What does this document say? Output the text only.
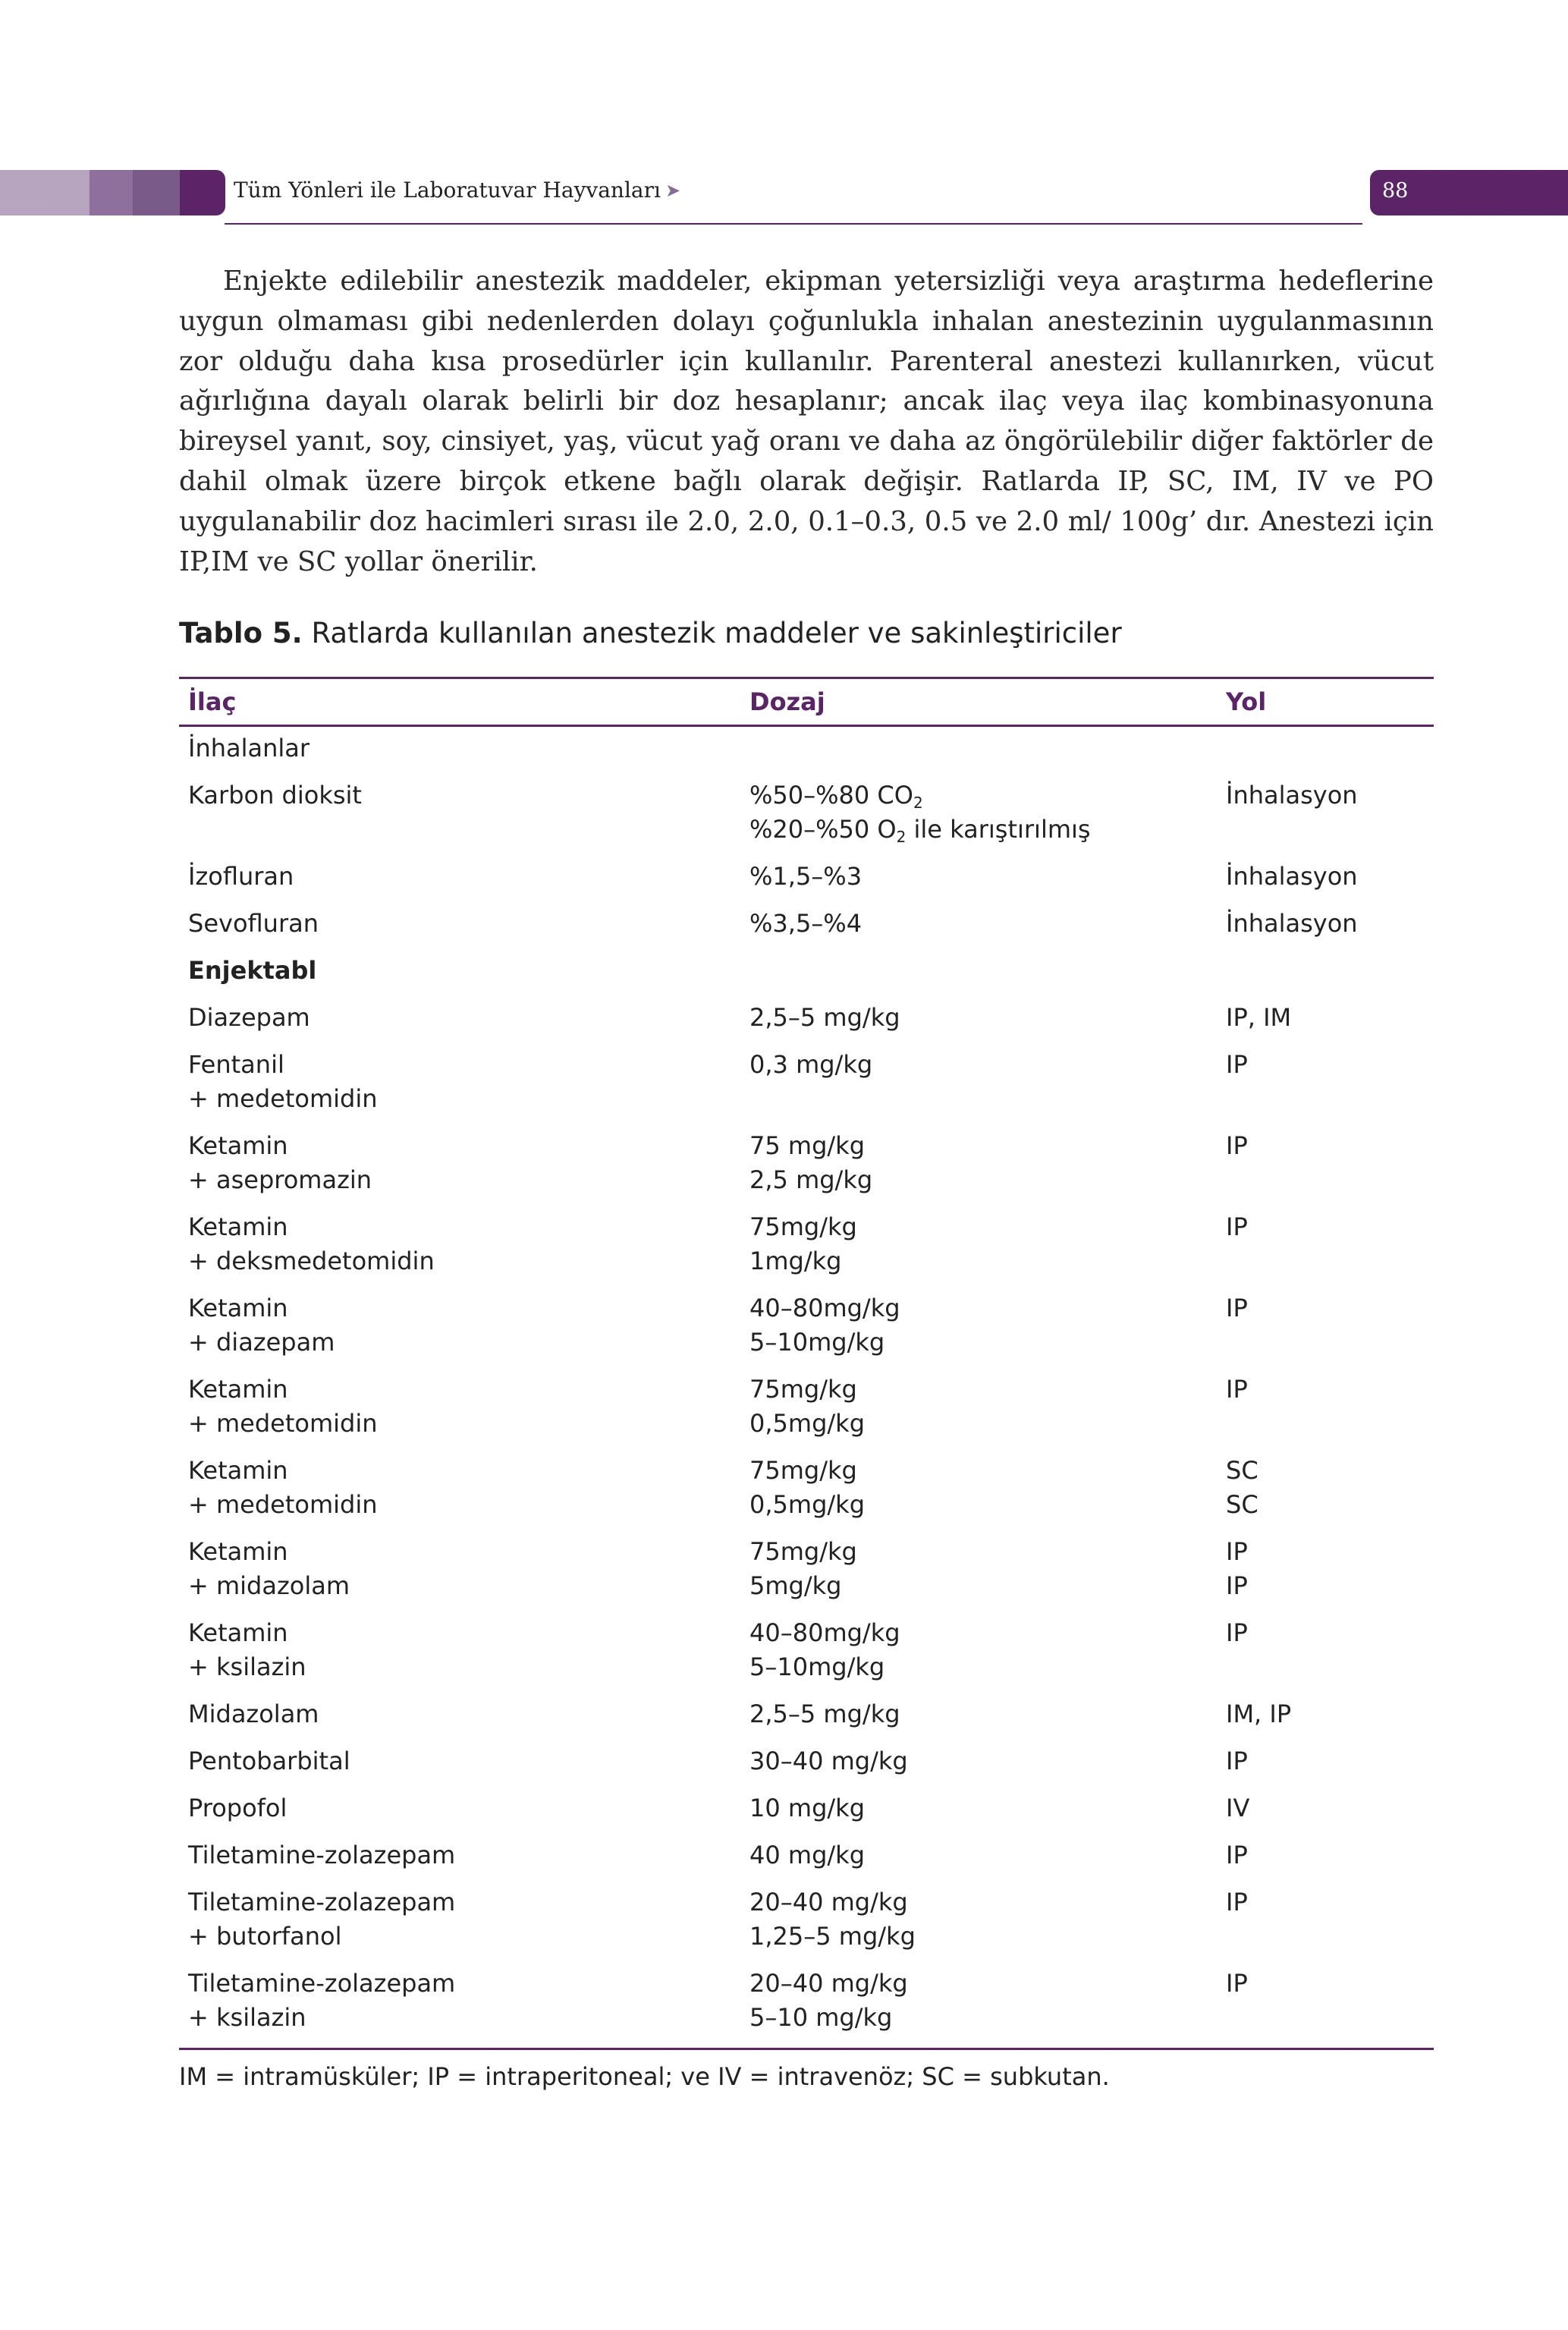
Tüm Yönleri ile Laboratuvar Hayvanları ➤	88

Enjekte edilebilir anestezik maddeler, ekipman yetersizliği veya araştırma hedeflerine uygun olmaması gibi nedenlerden dolayı çoğunlukla inhalan anestezinin uygulanmasının zor olduğu daha kısa prosedürler için kullanılır. Parenteral anestezi kullanırken, vücut ağırlığına dayalı olarak belirli bir doz hesaplanır; ancak ilaç veya ilaç kombinasyonuna bireysel yanıt, soy, cinsiyet, yaş, vücut yağ oranı ve daha az öngörülebilir diğer faktörler de dahil olmak üzere birçok etkene bağlı olarak değişir. Ratlarda IP, SC, IM, IV ve PO uygulanabilir doz hacimleri sırası ile 2.0, 2.0, 0.1–0.3, 0.5 ve 2.0 ml/ 100g’ dır. Anestezi için IP,IM ve SC yollar önerilir.

Tablo 5. Ratlarda kullanılan anestezik maddeler ve sakinleştiriciler
İlaç	Dozaj	Yol
İnhalanlar
Karbon dioksit	%50–%80 $CO_2$	İnhalasyon
%20–%50 $O_2$ ile karıştırılmış
İzofluran	%1,5–%3	İnhalasyon
Sevofluran	%3,5–%4	İnhalasyon
Enjektabl
Diazepam	2,5–5 mg/kg	IP, IM
Fentanil	0,3 mg/kg	IP
+ medetomidin
Ketamin	75 mg/kg	IP
+ asepromazin	2,5 mg/kg
Ketamin	75mg/kg	IP
+ deksmedetomidin	1mg/kg
Ketamin	40–80mg/kg	IP
+ diazepam	5–10mg/kg
Ketamin	75mg/kg	IP
+ medetomidin	0,5mg/kg
Ketamin	75mg/kg	SC
+ medetomidin	0,5mg/kg	SC
Ketamin	75mg/kg	IP
+ midazolam	5mg/kg	IP
Ketamin	40–80mg/kg	IP
+ ksilazin	5–10mg/kg
Midazolam	2,5–5 mg/kg	IM, IP
Pentobarbital	30–40 mg/kg	IP
Propofol	10 mg/kg	IV
Tiletamine-zolazepam	40 mg/kg	IP
Tiletamine-zolazepam	20–40 mg/kg	IP
+ butorfanol	1,25–5 mg/kg
Tiletamine-zolazepam	20–40 mg/kg	IP
+ ksilazin	5–10 mg/kg
IM = intramüsküler; IP = intraperitoneal; ve IV = intravenöz; SC = subkutan.
